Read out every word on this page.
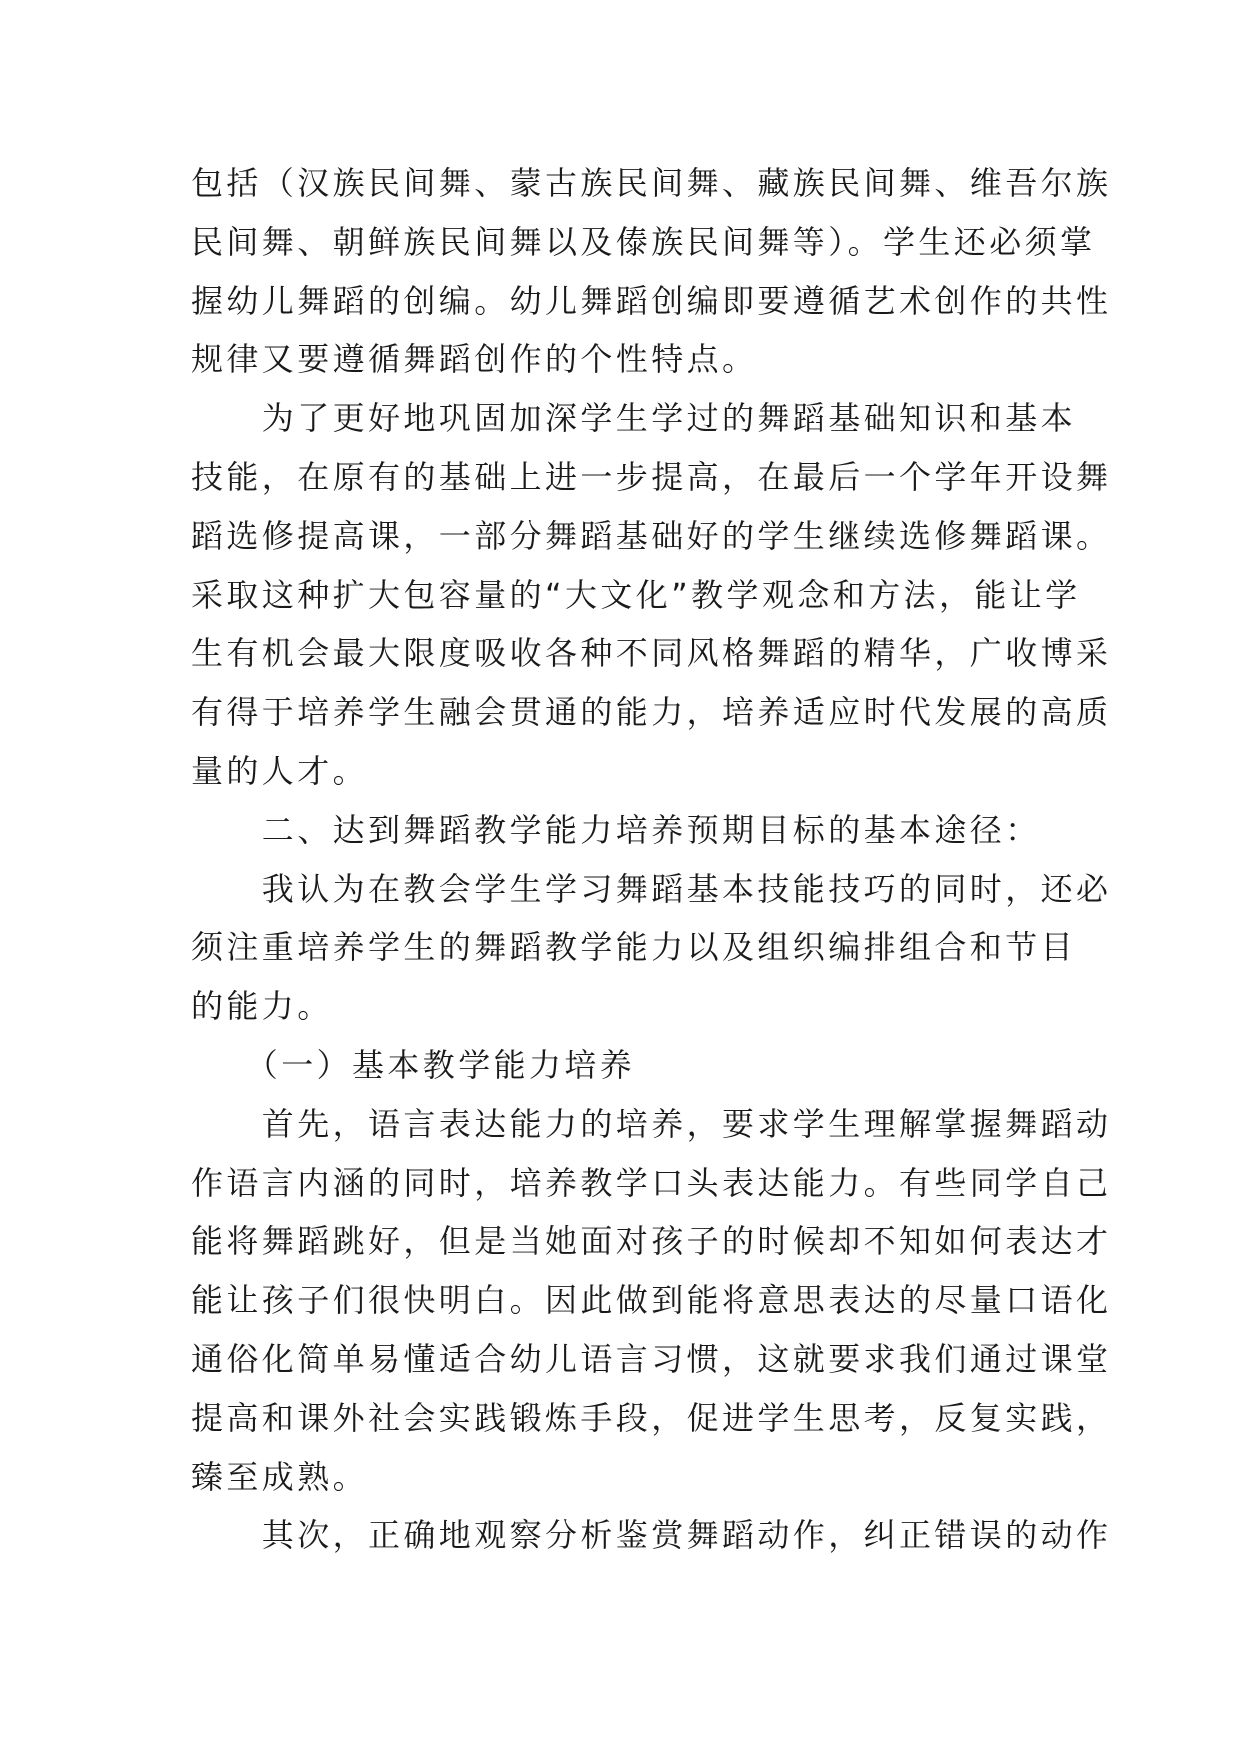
包括（汉族民间舞、蒙古族民间舞、藏族民间舞、维吾尔族

民间舞、朝鲜族民间舞以及傣族民间舞等）。学生还必须掌

握幼儿舞蹈的创编。幼儿舞蹈创编即要遵循艺术创作的共性

规律又要遵循舞蹈创作的个性特点。

　　为了更好地巩固加深学生学过的舞蹈基础知识和基本

技能，在原有的基础上进一步提高，在最后一个学年开设舞

蹈选修提高课，一部分舞蹈基础好的学生继续选修舞蹈课。

采取这种扩大包容量的“大文化”教学观念和方法，能让学

生有机会最大限度吸收各种不同风格舞蹈的精华，广收博采

有得于培养学生融会贯通的能力，培养适应时代发展的高质

量的人才。

　　二、达到舞蹈教学能力培养预期目标的基本途径：

　　我认为在教会学生学习舞蹈基本技能技巧的同时，还必

须注重培养学生的舞蹈教学能力以及组织编排组合和节目

的能力。

　　（一）基本教学能力培养

　　首先，语言表达能力的培养，要求学生理解掌握舞蹈动

作语言内涵的同时，培养教学口头表达能力。有些同学自己

能将舞蹈跳好，但是当她面对孩子的时候却不知如何表达才

能让孩子们很快明白。因此做到能将意思表达的尽量口语化

通俗化简单易懂适合幼儿语言习惯，这就要求我们通过课堂

提高和课外社会实践锻炼手段，促进学生思考，反复实践，

臻至成熟。

　　其次，正确地观察分析鉴赏舞蹈动作，纠正错误的动作
